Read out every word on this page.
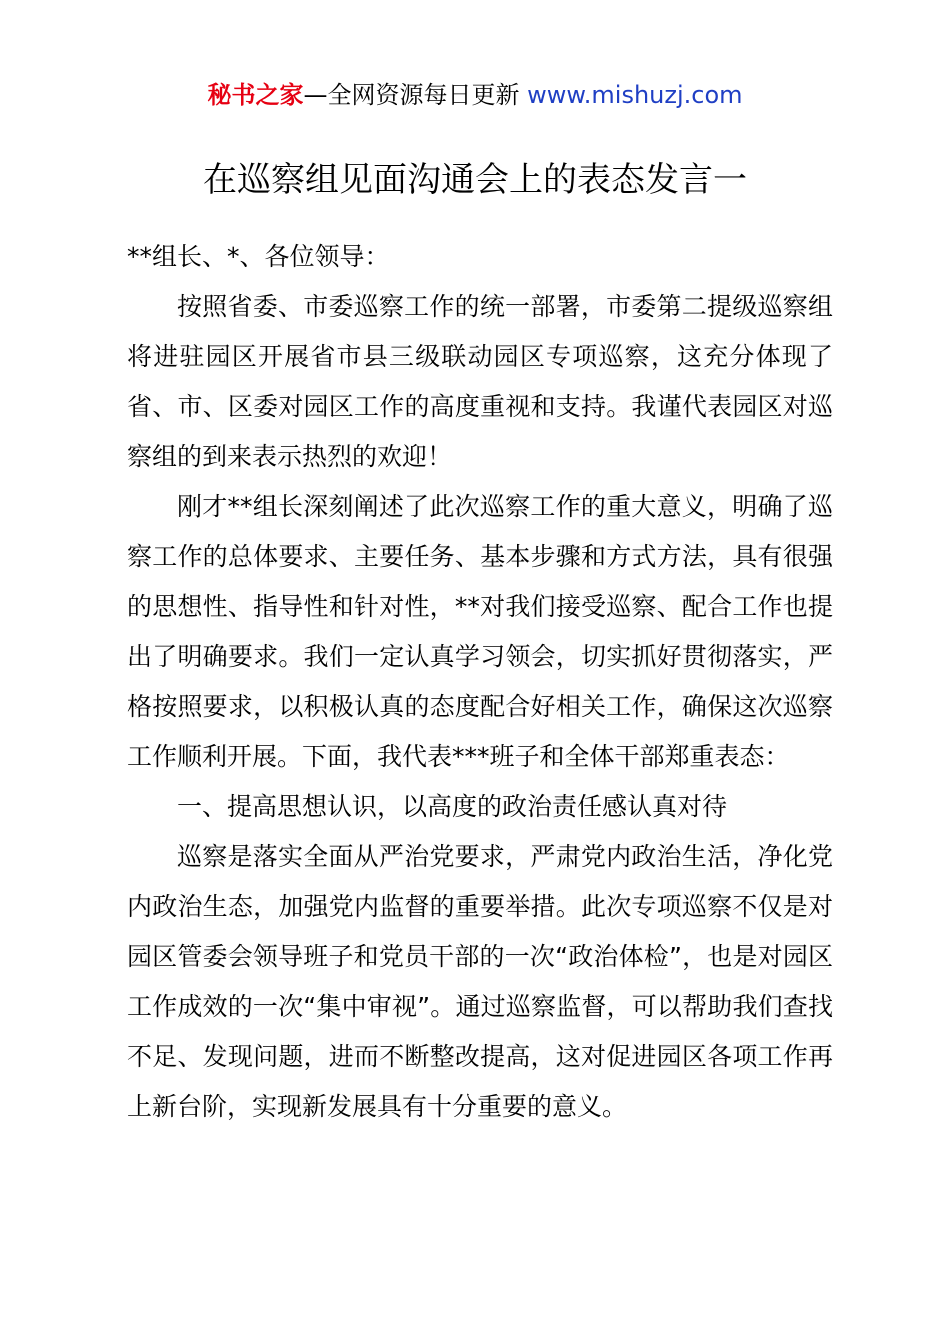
秘书之家—全网资源每日更新 www.mishuzj.com
在巡察组见面沟通会上的表态发言一

**组长、*、各位领导：

按照省委、市委巡察工作的统一部署，市委第二提级巡察组将进驻园区开展省市县三级联动园区专项巡察，这充分体现了省、市、区委对园区工作的高度重视和支持。我谨代表园区对巡察组的到来表示热烈的欢迎！

刚才**组长深刻阐述了此次巡察工作的重大意义，明确了巡察工作的总体要求、主要任务、基本步骤和方式方法，具有很强的思想性、指导性和针对性，**对我们接受巡察、配合工作也提出了明确要求。我们一定认真学习领会，切实抓好贯彻落实，严格按照要求，以积极认真的态度配合好相关工作，确保这次巡察工作顺利开展。下面，我代表***班子和全体干部郑重表态：

一、提高思想认识，以高度的政治责任感认真对待

巡察是落实全面从严治党要求，严肃党内政治生活，净化党内政治生态，加强党内监督的重要举措。此次专项巡察不仅是对园区管委会领导班子和党员干部的一次“政治体检”，也是对园区工作成效的一次“集中审视”。通过巡察监督，可以帮助我们查找不足、发现问题，进而不断整改提高，这对促进园区各项工作再上新台阶，实现新发展具有十分重要的意义。
